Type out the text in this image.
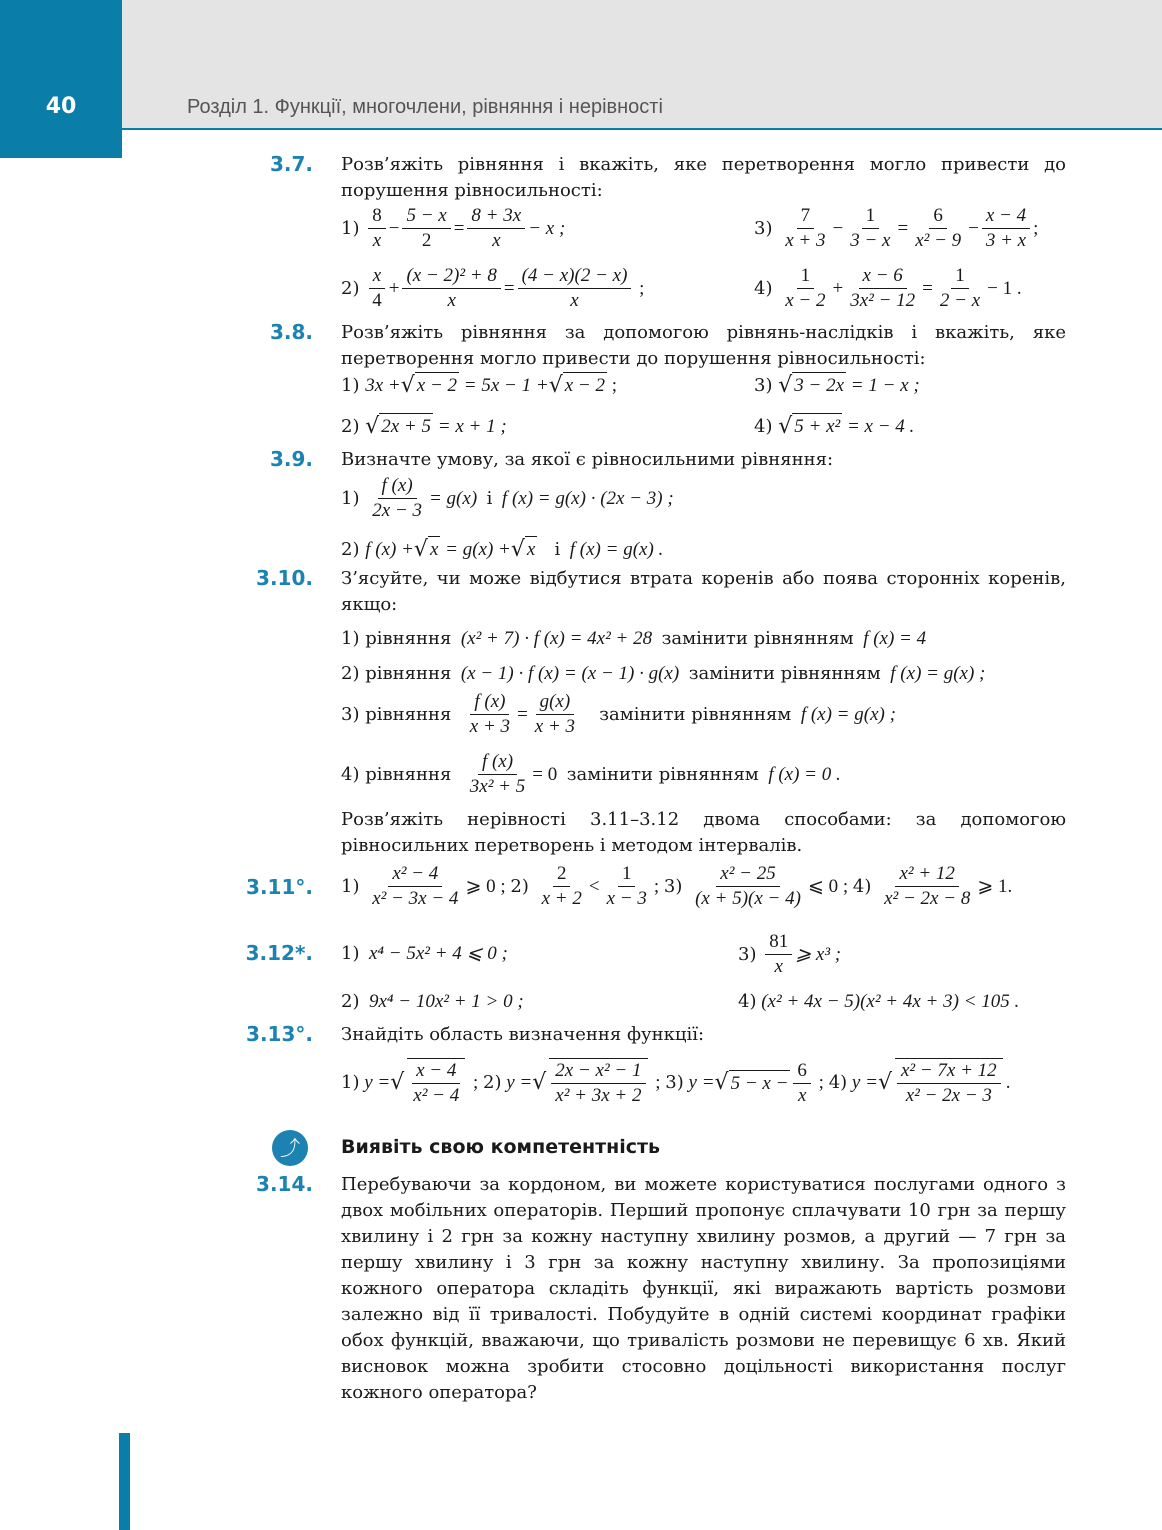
40	Розділ 1. Функції, многочлени, рівняння і нерівності
3.7. Розв’яжіть рівняння і вкажіть, яке перетворення могло привести до порушення рівносильності:
1)

8
x
− $\frac{5 - x}{2} = \frac{8 + 3x}{x} - x$ ;	3)

7
x + 3
− $\frac{1}{3 - x} = \frac{6}{\text{x² − 9}} - \frac{x - 4}{3 + x}$ ;
2)

x
4
+ $\frac{\text{(x − 2)² + 8}}{x} = \frac{(4 - x)(2 - x)}{x}$ ;	4)

1
x − 2
+ $\frac{x - 6}{\text{3x² − 12}} = \frac{1}{2 - x} - 1$ .
3.8. Розв’яжіть рівняння за допомогою рівнянь-наслідків і вкажіть, яке перетворення могло привести до порушення рівносильності:
1)
3x + √ x − 2 = 5x − 1 + √ x − 2 ;	3)
√ 3 − 2x = 1 − x ;
2)
√ 2x + 5 = x + 1 ;	4)
√ 5 + x² = x − 4 .
3.9. Визначте умову, за якої є рівносильними рівняння:
1)
$\frac{f (x)}{2x - 3} = g(x)$ і f (x) = g(x) · (2x − 3) ;
2)
f (x) + √ x = g(x) + √ x
і f (x) = g(x) .
3.10. З’ясуйте, чи може відбутися втрата коренів або поява сторонніх коренів, якщо:
1)
рівняння (x² + 7) · f (x) = 4x² + 28 замінити рівнянням f (x) = 4
2)
рівняння (x − 1) · f (x) = (x − 1) · g(x) замінити рівнянням f (x) = g(x) ;
3)
рівняння
$\frac{f (x)}{x + 3} = \frac{g(x)}{x + 3}$
замінити рівнянням f (x) = g(x) ;
4)
рівняння
$\frac{f (x)}{\text{3x² + 5}} = 0$ замінити рівнянням f (x) = 0 .
Розв’яжіть нерівності 3.11–3.12 двома способами: за допомогою рівносильних перетворень і методом інтервалів.
3.11°. 1)

x² − 4
x² − 3x − 4
⩾ 0 ; 2)

2
x + 2
<
1
x − 3
; 3)

x² − 25
(x + 5)(x − 4)
⩽ 0 ; 4)

x² + 12
x² − 2x − 8
⩾ 1.
3.12*. 1) x⁴ − 5x² + 4 ⩽ 0 ;	3)

81
x
⩾ x³ ;
2) 9x⁴ − 10x² + 1 > 0 ;	4) (x² + 4x − 5)(x² + 4x + 3) < 105 .
3.13°. Знайдіть область визначення функції:
1) y = √ x − 4
x² − 4
; 2) y = √ 2x − x² − 1
x² + 3x + 2
; 3) y = √ $5 - x - \frac{6}{x}$ ; 4) y = √ x² − 7x + 12
x² − 2x − 3
.
⤴	Виявіть свою компетентність
3.14. Перебуваючи за кордоном, ви можете користуватися послугами одного з двох мобільних операторів. Перший пропонує сплачувати 10 грн за першу хвилину і 2 грн за кожну наступну хвилину розмов, а другий — 7 грн за першу хвилину і 3 грн за кожну наступну хвилину. За пропозиціями кожного оператора складіть функції, які виражають вартість розмови залежно від її тривалості. Побудуйте в одній системі координат графіки обох функцій, вважаючи, що тривалість розмови не перевищує 6 хв. Який висновок можна зробити стосовно доцільності використання послуг кожного оператора?
